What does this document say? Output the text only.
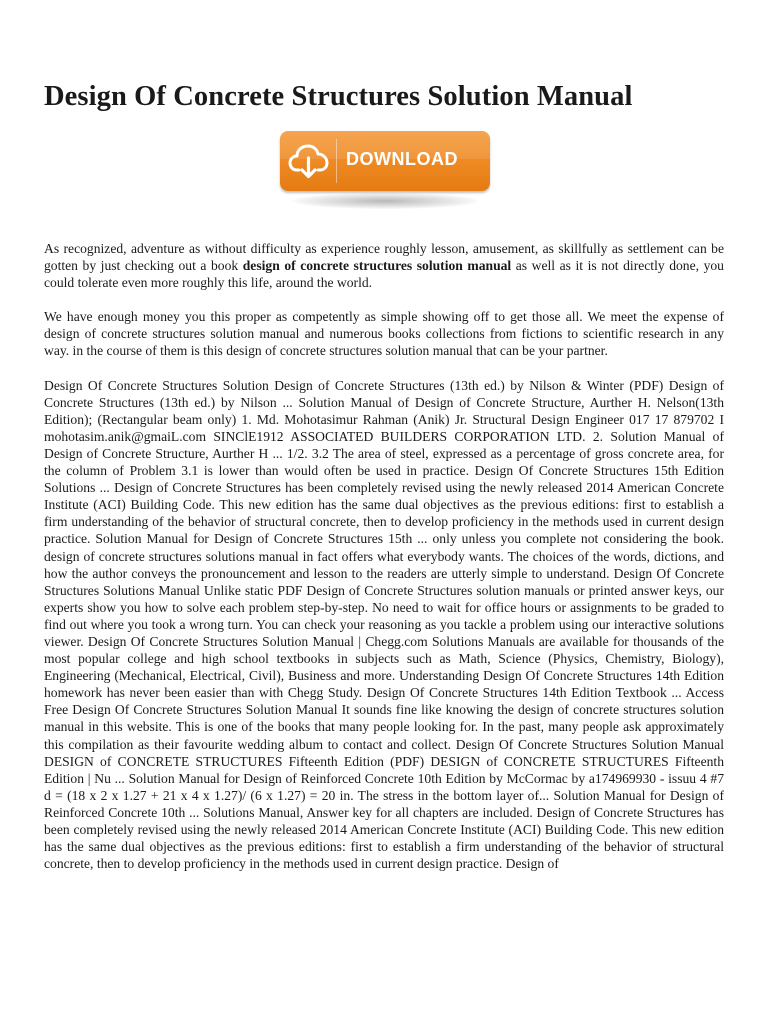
Design Of Concrete Structures Solution Manual
DOWNLOAD

As recognized, adventure as without difficulty as experience roughly lesson, amusement, as skillfully as settlement can be gotten by just checking out a book design of concrete structures solution manual as well as it is not directly done, you could tolerate even more roughly this life, around the world.

We have enough money you this proper as competently as simple showing off to get those all. We meet the expense of design of concrete structures solution manual and numerous books collections from fictions to scientific research in any way. in the course of them is this design of concrete structures solution manual that can be your partner.

Design Of Concrete Structures Solution Design of Concrete Structures (13th ed.) by Nilson & Winter (PDF) Design of Concrete Structures (13th ed.) by Nilson ... Solution Manual of Design of Concrete Structure, Aurther H. Nelson(13th Edition); (Rectangular beam only) 1. Md. Mohotasimur Rahman (Anik) Jr. Structural Design Engineer 017 17 879702 I mohotasim.anik@gmaiL.com SINClE1912 ASSOCIATED BUILDERS CORPORATION LTD. 2. Solution Manual of Design of Concrete Structure, Aurther H ... 1/2. 3.2 The area of steel, expressed as a percentage of gross concrete area, for the column of Problem 3.1 is lower than would often be used in practice. Design Of Concrete Structures 15th Edition Solutions ... Design of Concrete Structures has been completely revised using the newly released 2014 American Concrete Institute (ACI) Building Code. This new edition has the same dual objectives as the previous editions: first to establish a firm understanding of the behavior of structural concrete, then to develop proficiency in the methods used in current design practice. Solution Manual for Design of Concrete Structures 15th ... only unless you complete not considering the book. design of concrete structures solutions manual in fact offers what everybody wants. The choices of the words, dictions, and how the author conveys the pronouncement and lesson to the readers are utterly simple to understand. Design Of Concrete Structures Solutions Manual Unlike static PDF Design of Concrete Structures solution manuals or printed answer keys, our experts show you how to solve each problem step-by-step. No need to wait for office hours or assignments to be graded to find out where you took a wrong turn. You can check your reasoning as you tackle a problem using our interactive solutions viewer. Design Of Concrete Structures Solution Manual | Chegg.com Solutions Manuals are available for thousands of the most popular college and high school textbooks in subjects such as Math, Science (Physics, Chemistry, Biology), Engineering (Mechanical, Electrical, Civil), Business and more. Understanding Design Of Concrete Structures 14th Edition homework has never been easier than with Chegg Study. Design Of Concrete Structures 14th Edition Textbook ... Access Free Design Of Concrete Structures Solution Manual It sounds fine like knowing the design of concrete structures solution manual in this website. This is one of the books that many people looking for. In the past, many people ask approximately this compilation as their favourite wedding album to contact and collect. Design Of Concrete Structures Solution Manual DESIGN of CONCRETE STRUCTURES Fifteenth Edition (PDF) DESIGN of CONCRETE STRUCTURES Fifteenth Edition | Nu ... Solution Manual for Design of Reinforced Concrete 10th Edition by McCormac by a174969930 - issuu 4 #7 d = (18 x 2 x 1.27 + 21 x 4 x 1.27)/ (6 x 1.27) = 20 in. The stress in the bottom layer of... Solution Manual for Design of Reinforced Concrete 10th ... Solutions Manual, Answer key for all chapters are included. Design of Concrete Structures has been completely revised using the newly released 2014 American Concrete Institute (ACI) Building Code. This new edition has the same dual objectives as the previous editions: first to establish a firm understanding of the behavior of structural concrete, then to develop proficiency in the methods used in current design practice. Design of
